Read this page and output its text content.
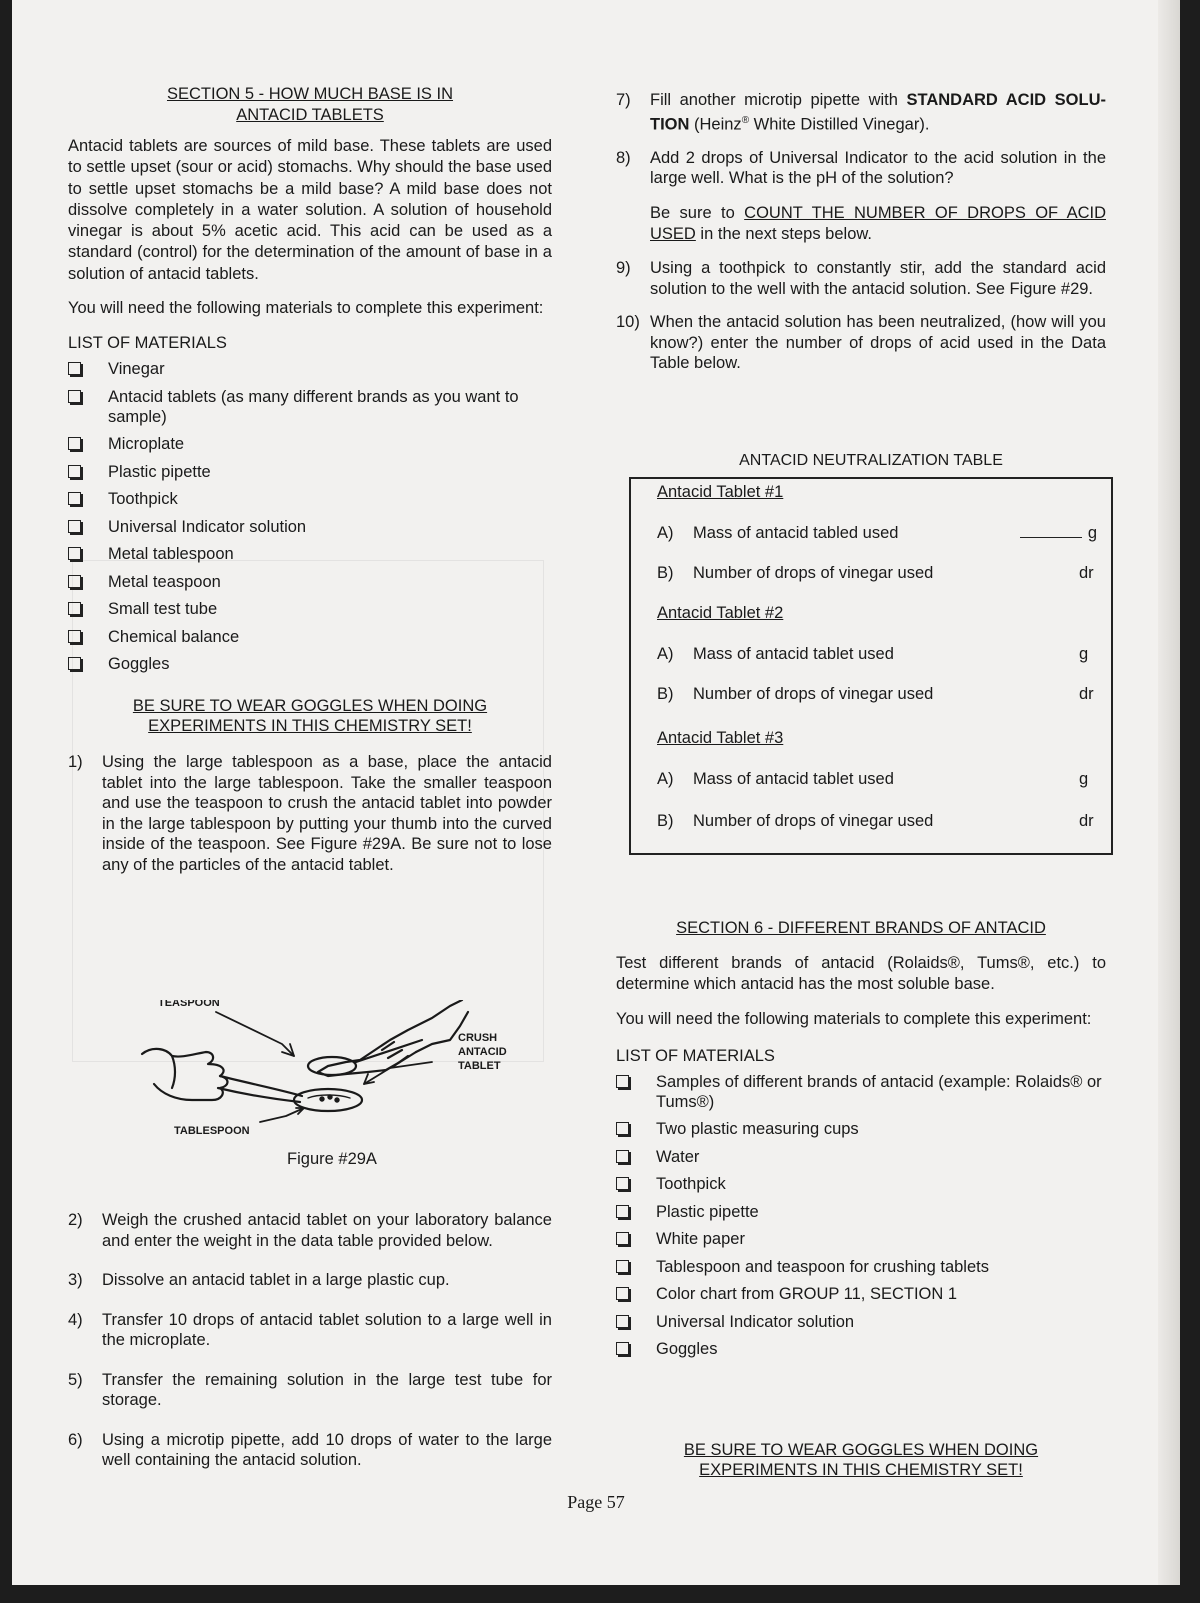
SECTION 5 - HOW MUCH BASE IS IN
ANTACID TABLETS

Antacid tablets are sources of mild base. These tablets are used to settle upset (sour or acid) stomachs. Why should the base used to settle upset stomachs be a mild base? A mild base does not dissolve completely in a water solution. A solution of household vinegar is about 5% acetic acid. This acid can be used as a standard (control) for the determination of the amount of base in a solution of antacid tablets.

You will need the following materials to complete this experiment:

LIST OF MATERIALS
Vinegar
Antacid tablets (as many different brands as you want to sample)
Microplate
Plastic pipette
Toothpick
Universal Indicator solution
Metal tablespoon
Metal teaspoon
Small test tube
Chemical balance
Goggles
BE SURE TO WEAR GOGGLES WHEN DOING
EXPERIMENTS IN THIS CHEMISTRY SET!
1)	Using the large tablespoon as a base, place the antacid tablet into the large tablespoon. Take the smaller teaspoon and use the teaspoon to crush the antacid tablet into powder in the large tablespoon by putting your thumb into the curved inside of the teaspoon. See Figure #29A. Be sure not to lose any of the particles of the antacid tablet.
TEASPOON
CRUSH
ANTACID
TABLET
TABLESPOON
Figure #29A
2)	Weigh the crushed antacid tablet on your laboratory balance and enter the weight in the data table provided below.
3)	Dissolve an antacid tablet in a large plastic cup.
4)	Transfer 10 drops of antacid tablet solution to a large well in the microplate.
5)	Transfer the remaining solution in the large test tube for storage.
6)	Using a microtip pipette, add 10 drops of water to the large well containing the antacid solution.
7)	Fill another microtip pipette with STANDARD ACID SOLU-TION (Heinz® White Distilled Vinegar).
8)	Add 2 drops of Universal Indicator to the acid solution in the large well. What is the pH of the solution?

Be sure to COUNT THE NUMBER OF DROPS OF ACID USED in the next steps below.

9)	Using a toothpick to constantly stir, add the standard acid solution to the well with the antacid solution. See Figure #29.
10) When the antacid solution has been neutralized, (how will you know?) enter the number of drops of acid used in the Data Table below.
ANTACID NEUTRALIZATION TABLE
Antacid Tablet #1
A)	Mass of antacid tabled used	g
B)	Number of drops of vinegar used	dr
Antacid Tablet #2
A)	Mass of antacid tablet used	g
B)	Number of drops of vinegar used	dr
Antacid Tablet #3
A)	Mass of antacid tablet used	g
B)	Number of drops of vinegar used	dr
SECTION 6 - DIFFERENT BRANDS OF ANTACID

Test different brands of antacid (Rolaids®, Tums®, etc.) to determine which antacid has the most soluble base.

You will need the following materials to complete this experiment:

LIST OF MATERIALS
Samples of different brands of antacid (example: Rolaids® or Tums®)
Two plastic measuring cups
Water
Toothpick
Plastic pipette
White paper
Tablespoon and teaspoon for crushing tablets
Color chart from GROUP 11, SECTION 1
Universal Indicator solution
Goggles
BE SURE TO WEAR GOGGLES WHEN DOING
EXPERIMENTS IN THIS CHEMISTRY SET!
Page 57
